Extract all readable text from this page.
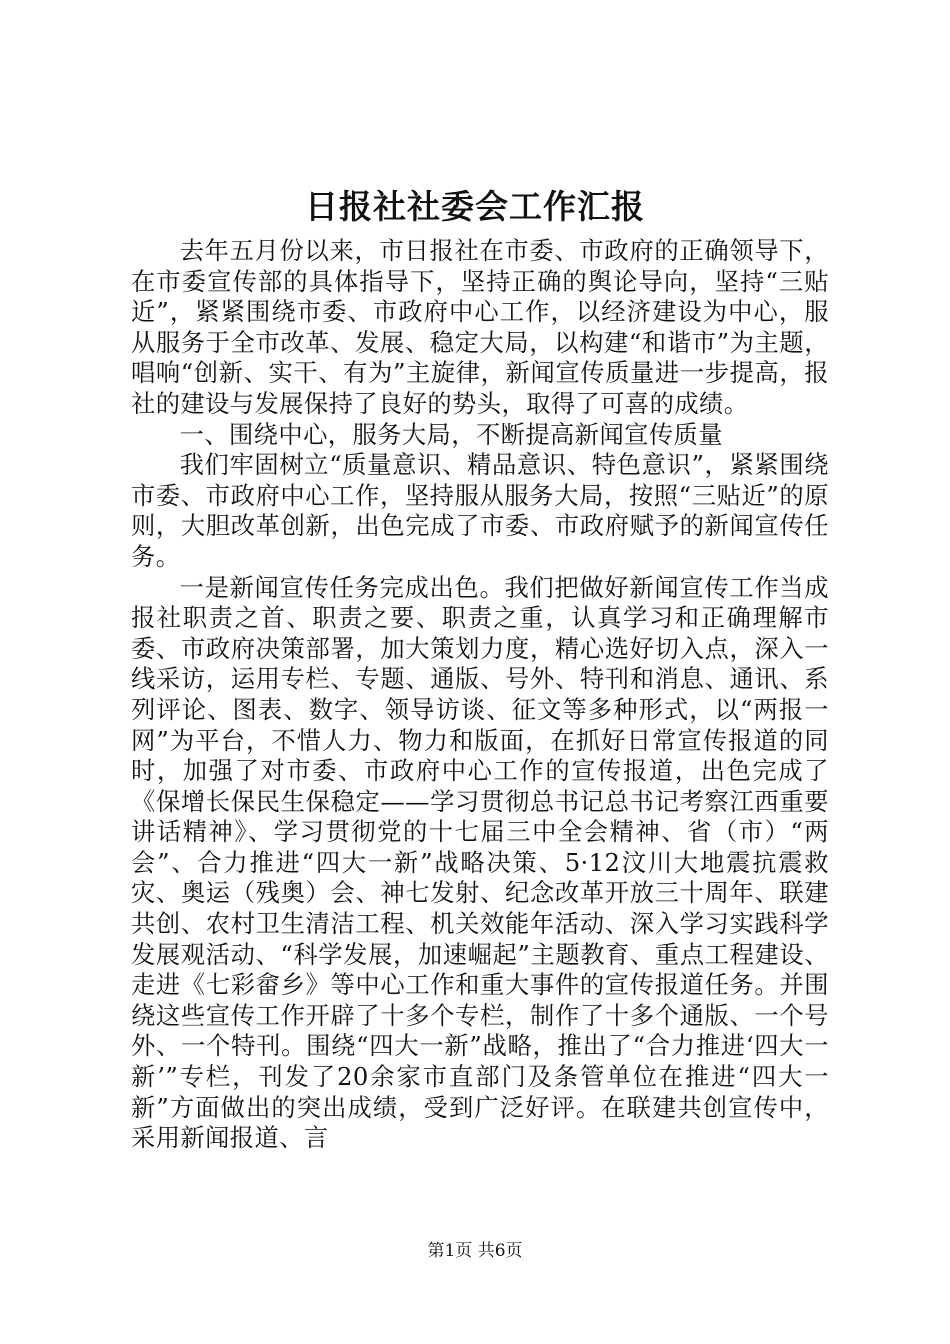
日报社社委会工作汇报

去年五月份以来，市日报社在市委、市政府的正确领导下，在市委宣传部的具体指导下，坚持正确的舆论导向，坚持“三贴近”，紧紧围绕市委、市政府中心工作，以经济建设为中心，服从服务于全市改革、发展、稳定大局，以构建“和谐市”为主题，唱响“创新、实干、有为”主旋律，新闻宣传质量进一步提高，报社的建设与发展保持了良好的势头，取得了可喜的成绩。

一、围绕中心，服务大局，不断提高新闻宣传质量

我们牢固树立“质量意识、精品意识、特色意识”，紧紧围绕市委、市政府中心工作，坚持服从服务大局，按照“三贴近”的原则，大胆改革创新，出色完成了市委、市政府赋予的新闻宣传任务。

一是新闻宣传任务完成出色。我们把做好新闻宣传工作当成报社职责之首、职责之要、职责之重，认真学习和正确理解市委、市政府决策部署，加大策划力度，精心选好切入点，深入一线采访，运用专栏、专题、通版、号外、特刊和消息、通讯、系列评论、图表、数字、领导访谈、征文等多种形式，以“两报一网”为平台，不惜人力、物力和版面，在抓好日常宣传报道的同时，加强了对市委、市政府中心工作的宣传报道，出色完成了《保增长保民生保稳定——学习贯彻总书记总书记考察江西重要讲话精神》、学习贯彻党的十七届三中全会精神、省（市）“两会”、合力推进“四大一新”战略决策、5·12汶川大地震抗震救灾、奥运（残奥）会、神七发射、纪念改革开放三十周年、联建共创、农村卫生清洁工程、机关效能年活动、深入学习实践科学发展观活动、“科学发展，加速崛起”主题教育、重点工程建设、走进《七彩畲乡》等中心工作和重大事件的宣传报道任务。并围绕这些宣传工作开辟了十多个专栏，制作了十多个通版、一个号外、一个特刊。围绕“四大一新”战略，推出了“合力推进‘四大一新’”专栏，刊发了20余家市直部门及条管单位在推进“四大一新”方面做出的突出成绩，受到广泛好评。在联建共创宣传中，采用新闻报道、言

第1页 共6页
